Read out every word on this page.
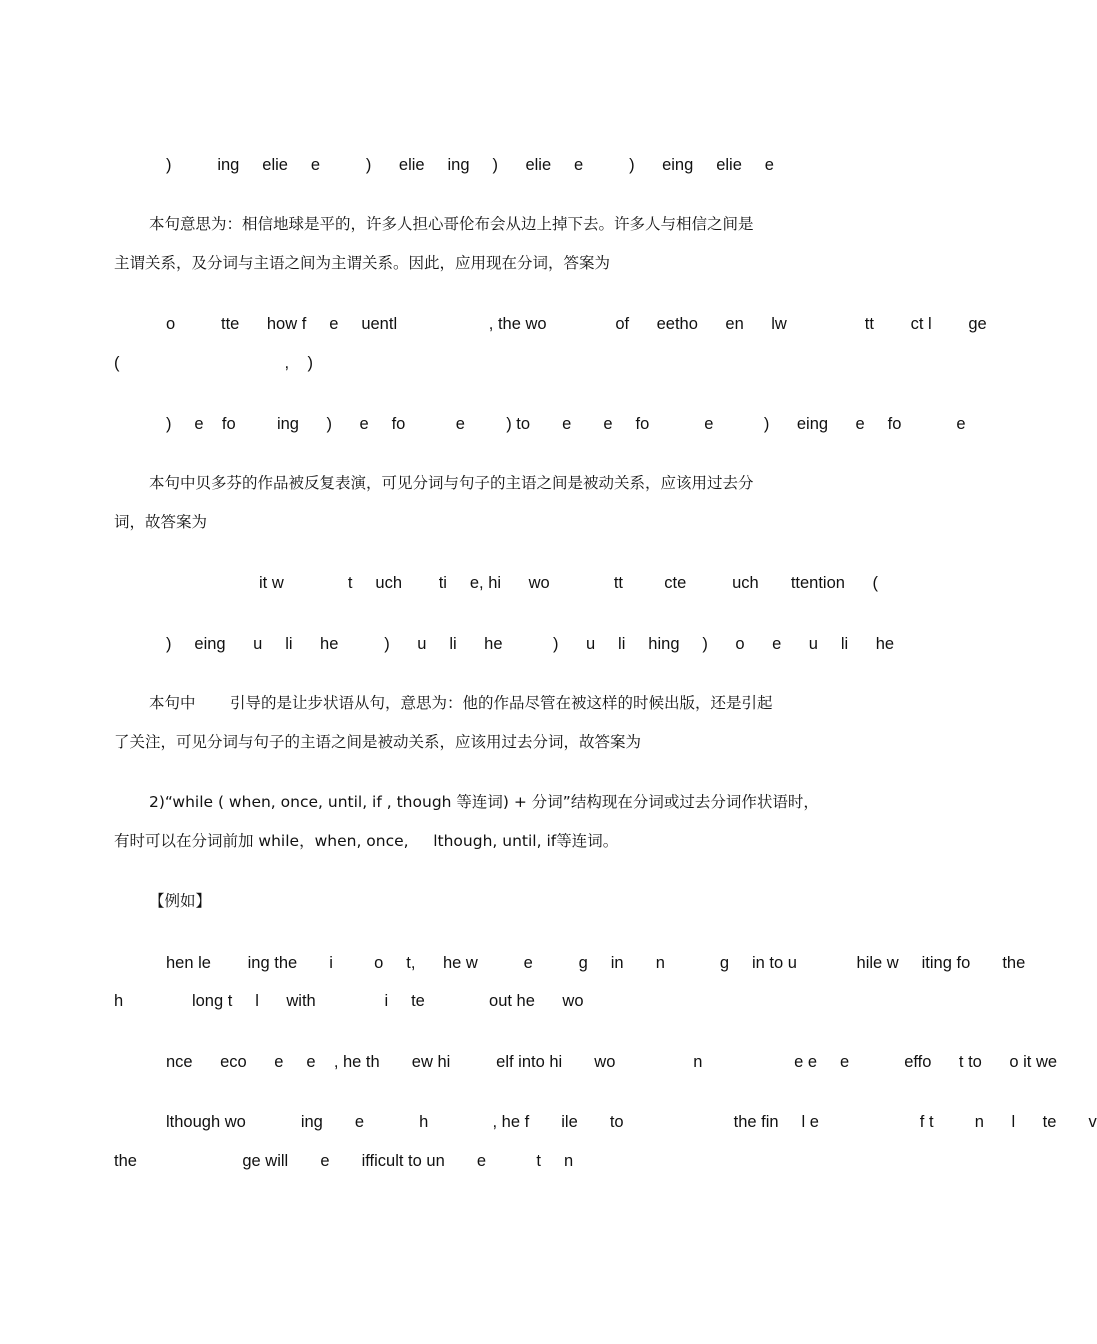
)          ing     elie     e          )      elie     ing     )      elie     e          )      eing     elie     e
本句意思为：相信地球是平的，许多人担心哥伦布会从边上掉下去。许多人与相信之间是
主谓关系，及分词与主语之间为主谓关系。因此，应用现在分词，答案为
o          tte      how f     e     uentl                    , the wo               of      eetho      en      lw                 tt        ct l        ge
(                                    ,    )
)     e    fo         ing      )      e     fo           e         ) to       e       e     fo            e           )      eing      e     fo            e
本句中贝多芬的作品被反复表演，可见分词与句子的主语之间是被动关系，应该用过去分
词，故答案为
it w              t     uch        ti     e, hi      wo              tt         cte          uch       ttention      (
)     eing      u     li      he          )      u     li      he           )      u     li     hing     )      o      e      u     li      he
本句中       引导的是让步状语从句，意思为：他的作品尽管在被这样的时候出版，还是引起
了关注，可见分词与句子的主语之间是被动关系，应该用过去分词，故答案为
2)“while ( when, once, until, if , though 等连词) + 分词”结构现在分词或过去分词作状语时，
有时可以在分词前加 while，when, once,     lthough, until, if等连词。
【例如】
hen le        ing the       i         o     t,      he w          e          g     in       n            g     in to u             hile w     iting fo       the
h               long t     l      with               i     te              out he      wo
nce      eco      e     e    , he th       ew hi          elf into hi       wo                 n                    e e     e            effo      t to      o it we
lthough wo            ing       e            h              , he f       ile       to                        the fin     l e                      f t         n      l      te       v
the                       ge will       e       ifficult to un       e           t     n
